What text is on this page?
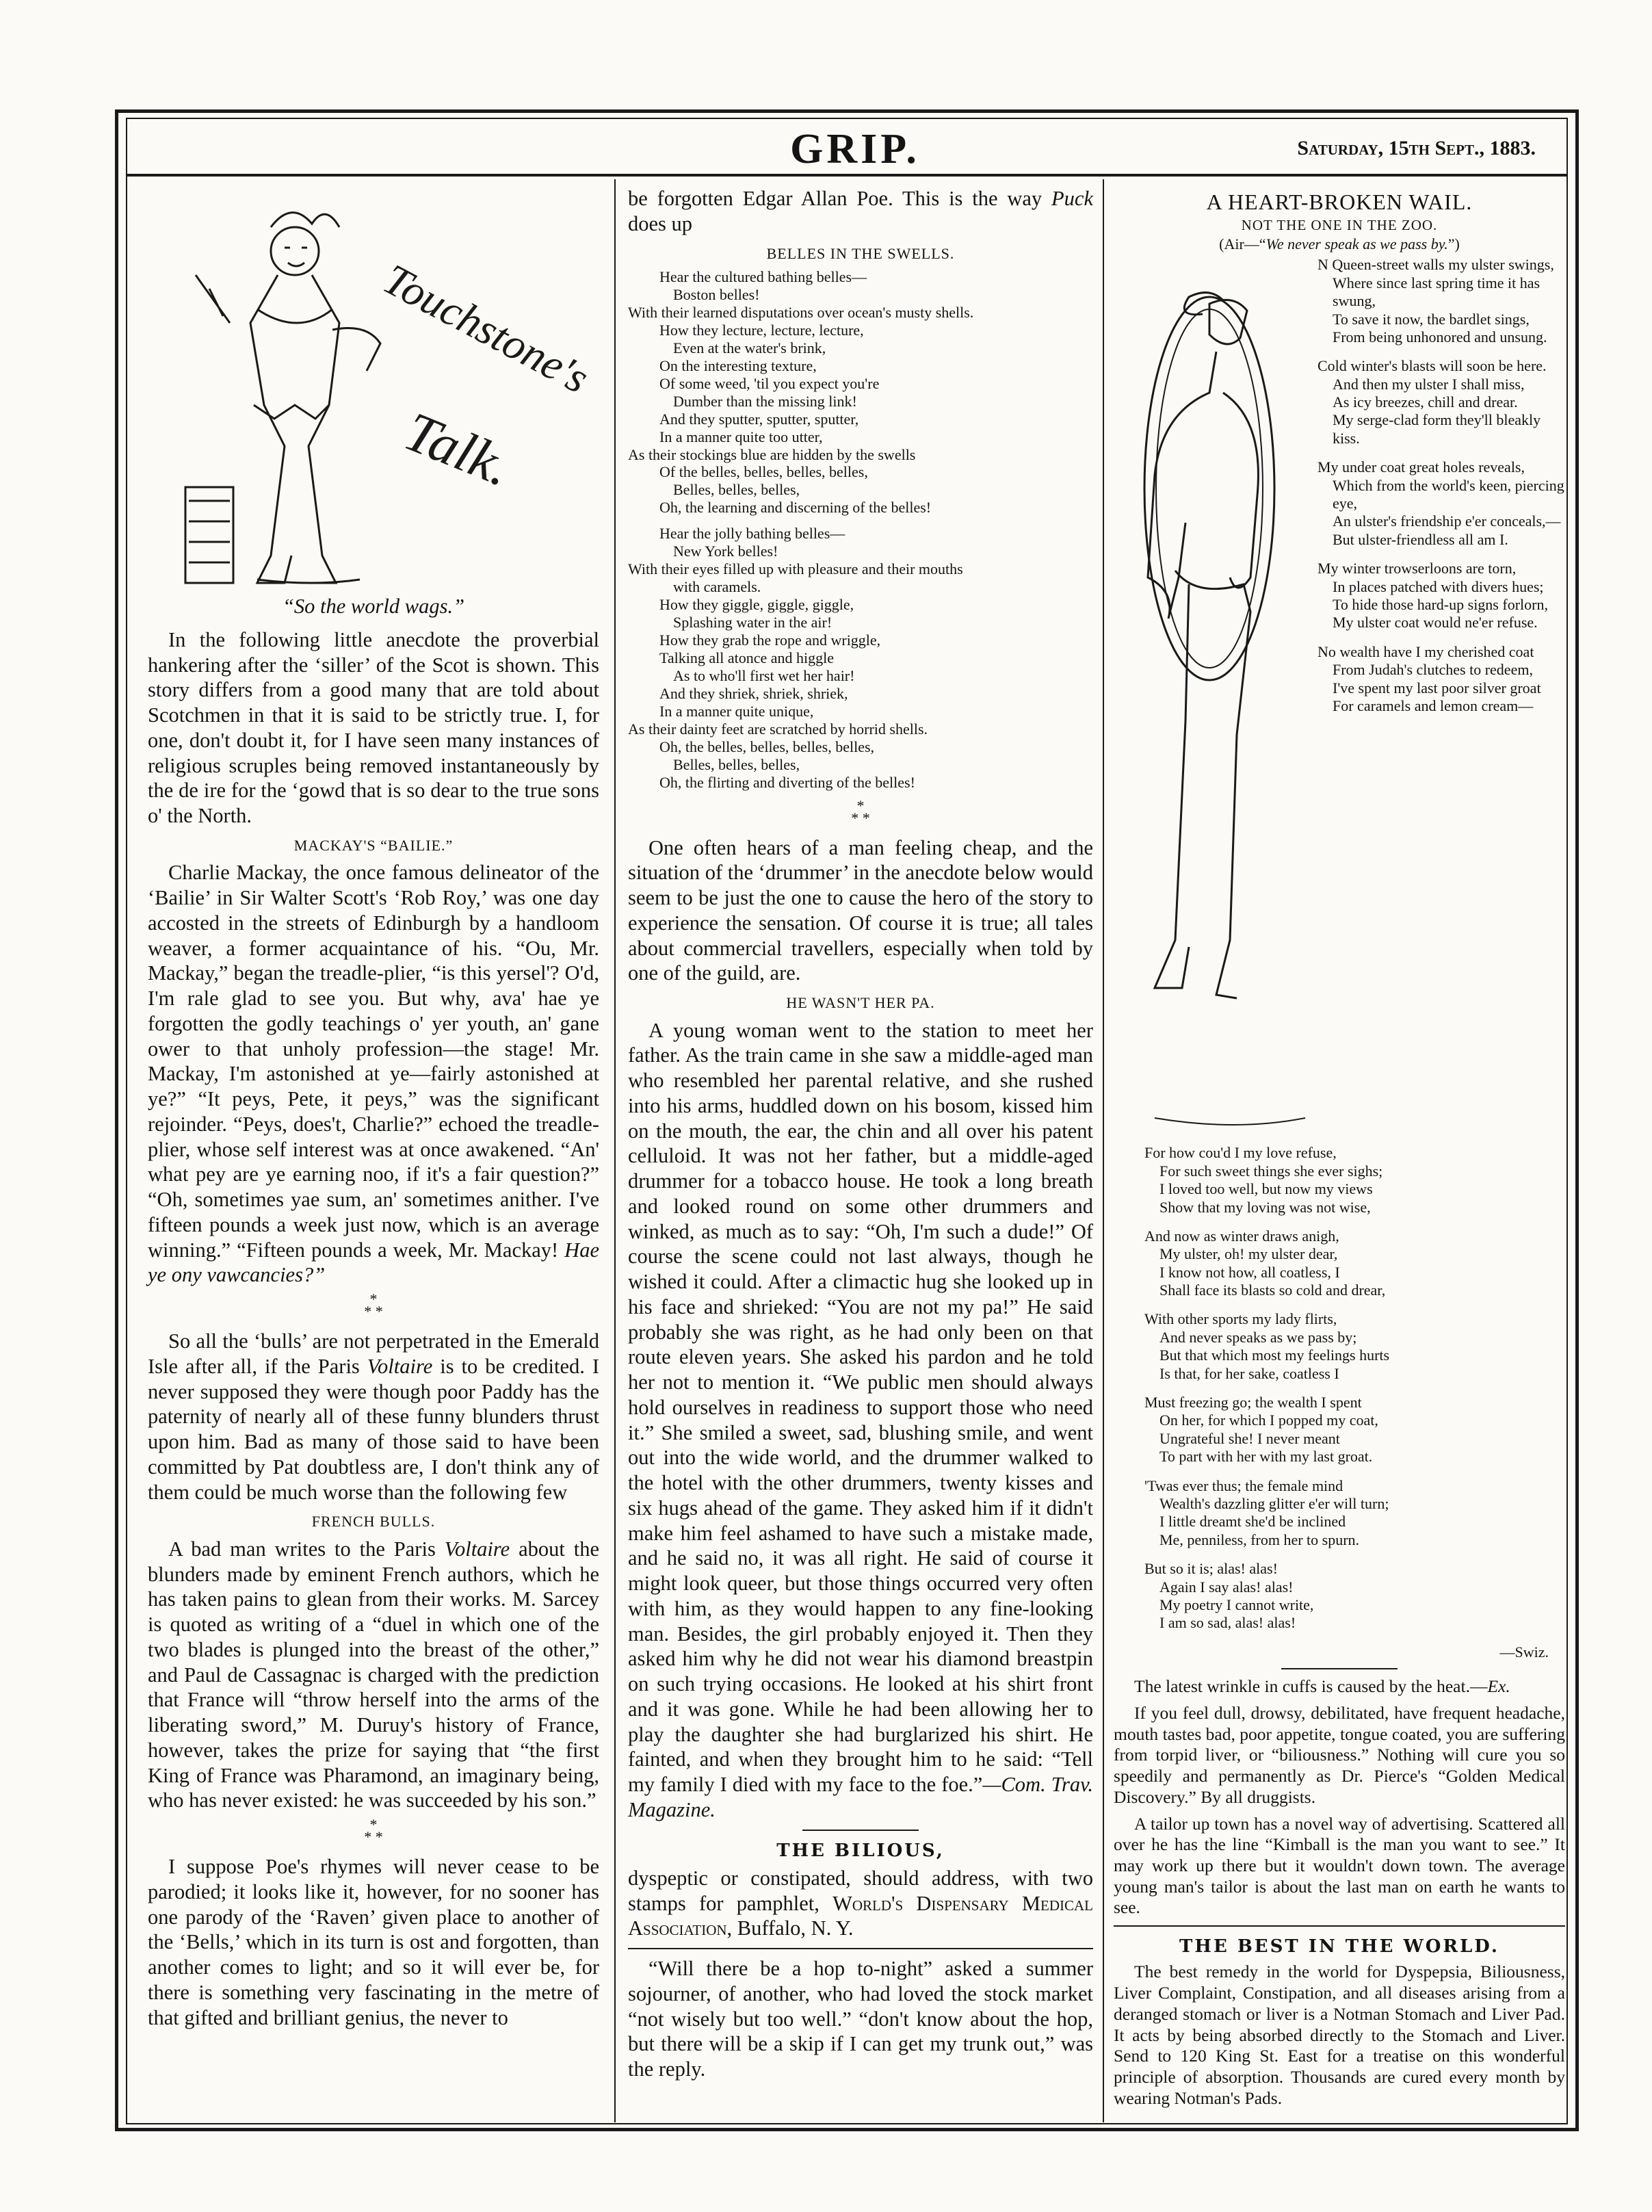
GRIP.	Saturday, 15th Sept., 1883.
Touchstone's
Talk.
“So the world wags.”

In the following little anecdote the proverbial hankering after the ‘siller’ of the Scot is shown. This story differs from a good many that are told about Scotchmen in that it is said to be strictly true. I, for one, don't doubt it, for I have seen many instances of religious scruples being removed instantaneously by the de ire for the ‘gowd that is so dear to the true sons o' the North.

MACKAY'S “BAILIE.”

Charlie Mackay, the once famous delineator of the ‘Bailie’ in Sir Walter Scott's ‘Rob Roy,’ was one day accosted in the streets of Edinburgh by a handloom weaver, a former acquaintance of his. “Ou, Mr. Mackay,” began the treadle-plier, “is this yersel'? O'd, I'm rale glad to see you. But why, ava' hae ye forgotten the godly teachings o' yer youth, an' gane ower to that unholy profession—the stage! Mr. Mackay, I'm astonished at ye—fairly astonished at ye?” “It peys, Pete, it peys,” was the significant rejoinder. “Peys, does't, Charlie?” echoed the treadle-plier, whose self interest was at once awakened. “An' what pey are ye earning noo, if it's a fair question?” “Oh, sometimes yae sum, an' sometimes anither. I've fifteen pounds a week just now, which is an average winning.” “Fifteen pounds a week, Mr. Mackay! Hae ye ony vawcancies?”

*
* *

So all the ‘bulls’ are not perpetrated in the Emerald Isle after all, if the Paris Voltaire is to be credited. I never supposed they were though poor Paddy has the paternity of nearly all of these funny blunders thrust upon him. Bad as many of those said to have been committed by Pat doubtless are, I don't think any of them could be much worse than the following few

FRENCH BULLS.

A bad man writes to the Paris Voltaire about the blunders made by eminent French authors, which he has taken pains to glean from their works. M. Sarcey is quoted as writing of a “duel in which one of the two blades is plunged into the breast of the other,” and Paul de Cassagnac is charged with the prediction that France will “throw herself into the arms of the liberating sword,” M. Duruy's history of France, however, takes the prize for saying that “the first King of France was Pharamond, an imaginary being, who has never existed: he was succeeded by his son.”

*
* *

I suppose Poe's rhymes will never cease to be parodied; it looks like it, however, for no sooner has one parody of the ‘Raven’ given place to another of the ‘Bells,’ which in its turn is ost and forgotten, than another comes to light; and so it will ever be, for there is something very fascinating in the metre of that gifted and brilliant genius, the never to

be forgotten Edgar Allan Poe. This is the way Puck does up

BELLES IN THE SWELLS.
Hear the cultured bathing belles—
Boston belles!
With their learned disputations over ocean's musty shells.
How they lecture, lecture, lecture,
Even at the water's brink,
On the interesting texture,
Of some weed, 'til you expect you're
Dumber than the missing link!
And they sputter, sputter, sputter,
In a manner quite too utter,
As their stockings blue are hidden by the swells
Of the belles, belles, belles, belles,
Belles, belles, belles,
Oh, the learning and discerning of the belles!
Hear the jolly bathing belles—
New York belles!
With their eyes filled up with pleasure and their mouths
with caramels.
How they giggle, giggle, giggle,
Splashing water in the air!
How they grab the rope and wriggle,
Talking all atonce and higgle
As to who'll first wet her hair!
And they shriek, shriek, shriek,
In a manner quite unique,
As their dainty feet are scratched by horrid shells.
Oh, the belles, belles, belles, belles,
Belles, belles, belles,
Oh, the flirting and diverting of the belles!
*
* *

One often hears of a man feeling cheap, and the situation of the ‘drummer’ in the anecdote below would seem to be just the one to cause the hero of the story to experience the sensation. Of course it is true; all tales about commercial travellers, especially when told by one of the guild, are.

HE WASN'T HER PA.

A young woman went to the station to meet her father. As the train came in she saw a middle-aged man who resembled her parental relative, and she rushed into his arms, huddled down on his bosom, kissed him on the mouth, the ear, the chin and all over his patent celluloid. It was not her father, but a middle-aged drummer for a tobacco house. He took a long breath and looked round on some other drummers and winked, as much as to say: “Oh, I'm such a dude!” Of course the scene could not last always, though he wished it could. After a climactic hug she looked up in his face and shrieked: “You are not my pa!” He said probably she was right, as he had only been on that route eleven years. She asked his pardon and he told her not to mention it. “We public men should always hold ourselves in readiness to support those who need it.” She smiled a sweet, sad, blushing smile, and went out into the wide world, and the drummer walked to the hotel with the other drummers, twenty kisses and six hugs ahead of the game. They asked him if it didn't make him feel ashamed to have such a mistake made, and he said no, it was all right. He said of course it might look queer, but those things occurred very often with him, as they would happen to any fine-looking man. Besides, the girl probably enjoyed it. Then they asked him why he did not wear his diamond breastpin on such trying occasions. He looked at his shirt front and it was gone. While he had been allowing her to play the daughter she had burglarized his shirt. He fainted, and when they brought him to he said: “Tell my family I died with my face to the foe.”—Com. Trav. Magazine.

THE BILIOUS,

dyspeptic or constipated, should address, with two stamps for pamphlet, World's Dispensary Medical Association, Buffalo, N. Y.

“Will there be a hop to-night” asked a summer sojourner, of another, who had loved the stock market “not wisely but too well.” “don't know about the hop, but there will be a skip if I can get my trunk out,” was the reply.

A HEART-BROKEN WAIL.
NOT THE ONE IN THE ZOO.
(Air—“We never speak as we pass by.”)
N Queen-street walls my ulster swings,
Where since last spring time it has swung,
To save it now, the bardlet sings,
From being unhonored and unsung.
Cold winter's blasts will soon be here.
And then my ulster I shall miss,
As icy breezes, chill and drear.
My serge-clad form they'll bleakly kiss.
My under coat great holes reveals,
Which from the world's keen, piercing eye,
An ulster's friendship e'er conceals,—
But ulster-friendless all am I.
My winter trowserloons are torn,
In places patched with divers hues;
To hide those hard-up signs forlorn,
My ulster coat would ne'er refuse.
No wealth have I my cherished coat
From Judah's clutches to redeem,
I've spent my last poor silver groat
For caramels and lemon cream—
For how cou'd I my love refuse,
For such sweet things she ever sighs;
I loved too well, but now my views
Show that my loving was not wise,
And now as winter draws anigh,
My ulster, oh! my ulster dear,
I know not how, all coatless, I
Shall face its blasts so cold and drear,
With other sports my lady flirts,
And never speaks as we pass by;
But that which most my feelings hurts
Is that, for her sake, coatless I
Must freezing go; the wealth I spent
On her, for which I popped my coat,
Ungrateful she! I never meant
To part with her with my last groat.
'Twas ever thus; the female mind
Wealth's dazzling glitter e'er will turn;
I little dreamt she'd be inclined
Me, penniless, from her to spurn.
But so it is; alas! alas!
Again I say alas! alas!
My poetry I cannot write,
I am so sad, alas! alas!
—Swiz.

The latest wrinkle in cuffs is caused by the heat.—Ex.

If you feel dull, drowsy, debilitated, have frequent headache, mouth tastes bad, poor appetite, tongue coated, you are suffering from torpid liver, or “biliousness.” Nothing will cure you so speedily and permanently as Dr. Pierce's “Golden Medical Discovery.” By all druggists.

A tailor up town has a novel way of advertising. Scattered all over he has the line “Kimball is the man you want to see.” It may work up there but it wouldn't down town. The average young man's tailor is about the last man on earth he wants to see.

THE BEST IN THE WORLD.

The best remedy in the world for Dyspepsia, Biliousness, Liver Complaint, Constipation, and all diseases arising from a deranged stomach or liver is a Notman Stomach and Liver Pad. It acts by being absorbed directly to the Stomach and Liver. Send to 120 King St. East for a treatise on this wonderful principle of absorption. Thousands are cured every month by wearing Notman's Pads.
